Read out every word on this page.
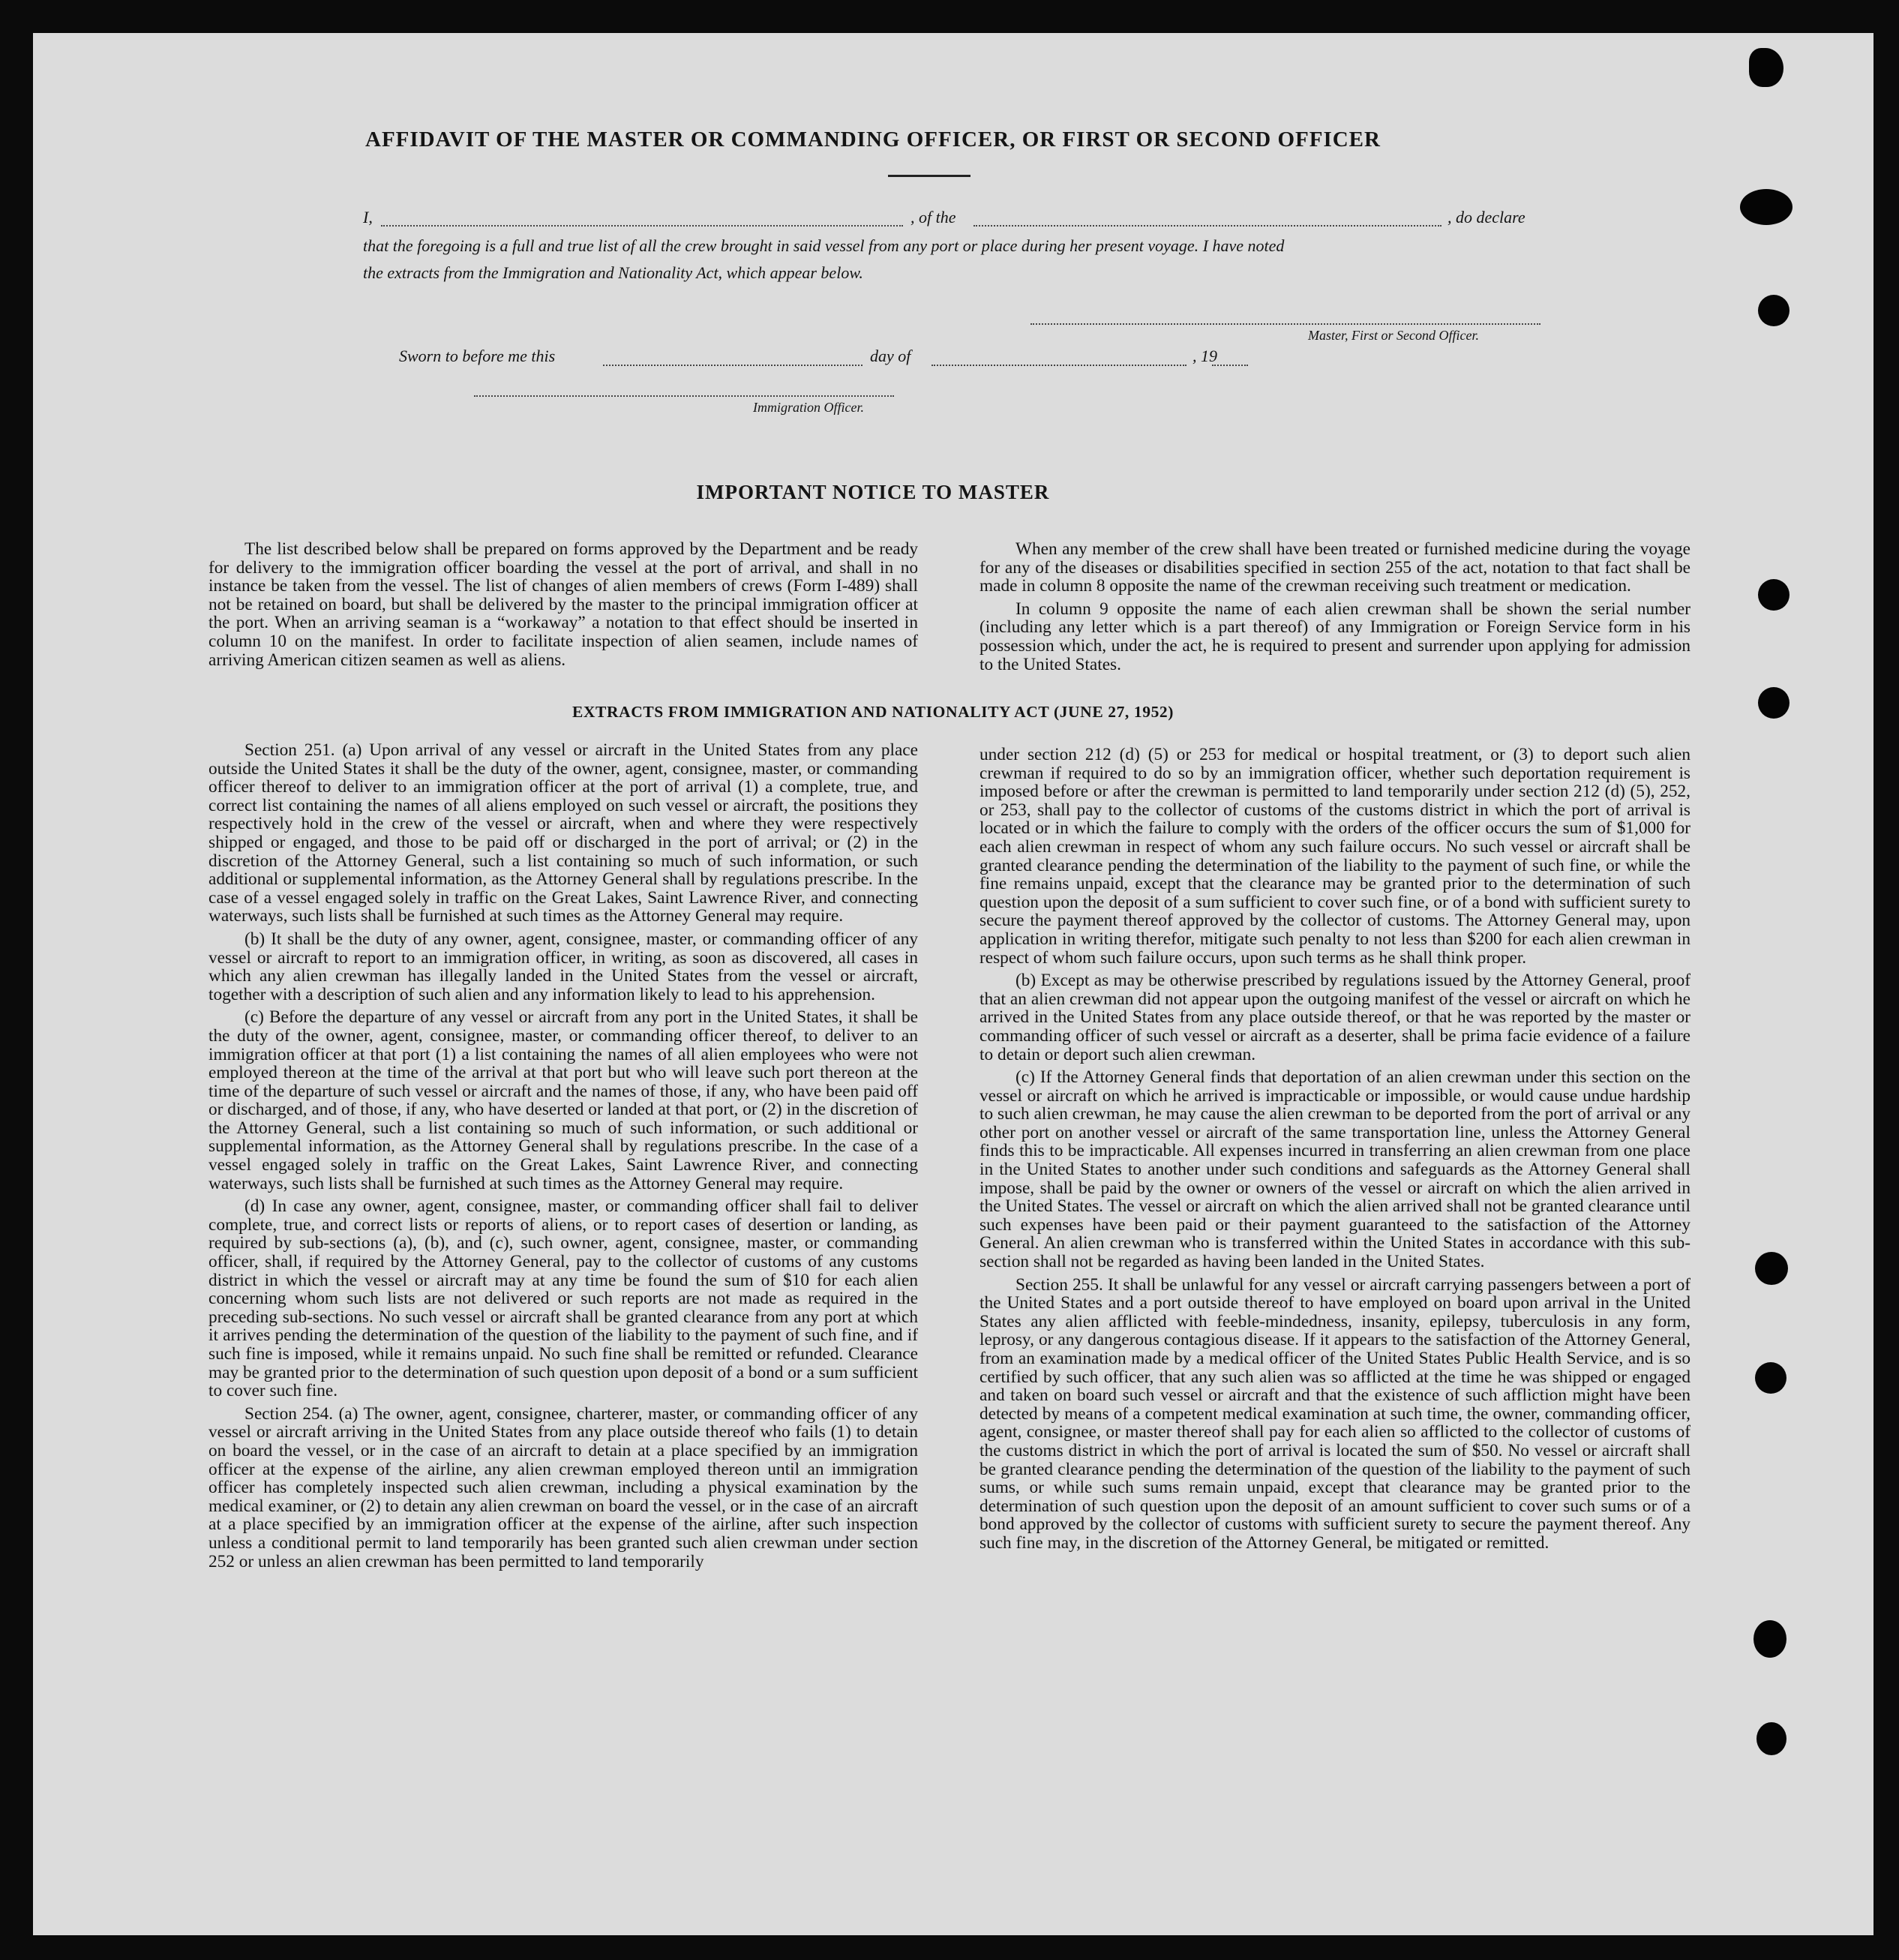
AFFIDAVIT OF THE MASTER OR COMMANDING OFFICER, OR FIRST OR SECOND OFFICER
I,	, of the	, do declare
that the foregoing is a full and true list of all the crew brought in said vessel from any port or place during her present voyage. I have noted
the extracts from the Immigration and Nationality Act, which appear below.
Master, First or Second Officer.
Sworn to before me this	day of	, 19
Immigration Officer.
IMPORTANT NOTICE TO MASTER

The list described below shall be prepared on forms approved by the Department and be ready for delivery to the immigration officer boarding the vessel at the port of arrival, and shall in no instance be taken from the vessel. The list of changes of alien members of crews (Form I-489) shall not be retained on board, but shall be delivered by the master to the principal immigration officer at the port. When an arriving seaman is a “workaway” a notation to that effect should be inserted in column 10 on the manifest. In order to facilitate inspection of alien seamen, include names of arriving American citizen seamen as well as aliens.

When any member of the crew shall have been treated or furnished medicine during the voyage for any of the diseases or disabilities specified in section 255 of the act, notation to that fact shall be made in column 8 opposite the name of the crewman receiving such treatment or medication.

In column 9 opposite the name of each alien crewman shall be shown the serial number (including any letter which is a part thereof) of any Immigration or Foreign Service form in his possession which, under the act, he is required to present and surrender upon applying for admission to the United States.

EXTRACTS FROM IMMIGRATION AND NATIONALITY ACT (JUNE 27, 1952)

Section 251. (a) Upon arrival of any vessel or aircraft in the United States from any place outside the United States it shall be the duty of the owner, agent, consignee, master, or commanding officer thereof to deliver to an immigration officer at the port of arrival (1) a complete, true, and correct list containing the names of all aliens employed on such vessel or aircraft, the positions they respectively hold in the crew of the vessel or aircraft, when and where they were respectively shipped or engaged, and those to be paid off or discharged in the port of arrival; or (2) in the discretion of the Attorney General, such a list containing so much of such information, or such additional or supplemental information, as the Attorney General shall by regulations prescribe. In the case of a vessel engaged solely in traffic on the Great Lakes, Saint Lawrence River, and connecting waterways, such lists shall be furnished at such times as the Attorney General may require.

(b) It shall be the duty of any owner, agent, consignee, master, or commanding officer of any vessel or aircraft to report to an immigration officer, in writing, as soon as discovered, all cases in which any alien crewman has illegally landed in the United States from the vessel or aircraft, together with a description of such alien and any information likely to lead to his apprehension.

(c) Before the departure of any vessel or aircraft from any port in the United States, it shall be the duty of the owner, agent, consignee, master, or commanding officer thereof, to deliver to an immigration officer at that port (1) a list containing the names of all alien employees who were not employed thereon at the time of the arrival at that port but who will leave such port thereon at the time of the departure of such vessel or aircraft and the names of those, if any, who have been paid off or discharged, and of those, if any, who have deserted or landed at that port, or (2) in the discretion of the Attorney General, such a list containing so much of such information, or such additional or supplemental information, as the Attorney General shall by regulations prescribe. In the case of a vessel engaged solely in traffic on the Great Lakes, Saint Lawrence River, and connecting waterways, such lists shall be furnished at such times as the Attorney General may require.

(d) In case any owner, agent, consignee, master, or commanding officer shall fail to deliver complete, true, and correct lists or reports of aliens, or to report cases of desertion or landing, as required by sub-sections (a), (b), and (c), such owner, agent, consignee, master, or commanding officer, shall, if required by the Attorney General, pay to the collector of customs of any customs district in which the vessel or aircraft may at any time be found the sum of $10 for each alien concerning whom such lists are not delivered or such reports are not made as required in the preceding sub-sections. No such vessel or aircraft shall be granted clearance from any port at which it arrives pending the determination of the question of the liability to the payment of such fine, and if such fine is imposed, while it remains unpaid. No such fine shall be remitted or refunded. Clearance may be granted prior to the determination of such question upon deposit of a bond or a sum sufficient to cover such fine.

Section 254. (a) The owner, agent, consignee, charterer, master, or commanding officer of any vessel or aircraft arriving in the United States from any place outside thereof who fails (1) to detain on board the vessel, or in the case of an aircraft to detain at a place specified by an immigration officer at the expense of the airline, any alien crewman employed thereon until an immigration officer has completely inspected such alien crewman, including a physical examination by the medical examiner, or (2) to detain any alien crewman on board the vessel, or in the case of an aircraft at a place specified by an immigration officer at the expense of the airline, after such inspection unless a conditional permit to land temporarily has been granted such alien crewman under section 252 or unless an alien crewman has been permitted to land temporarily

under section 212 (d) (5) or 253 for medical or hospital treatment, or (3) to deport such alien crewman if required to do so by an immigration officer, whether such deportation requirement is imposed before or after the crewman is permitted to land temporarily under section 212 (d) (5), 252, or 253, shall pay to the collector of customs of the customs district in which the port of arrival is located or in which the failure to comply with the orders of the officer occurs the sum of $1,000 for each alien crewman in respect of whom any such failure occurs. No such vessel or aircraft shall be granted clearance pending the determination of the liability to the payment of such fine, or while the fine remains unpaid, except that the clearance may be granted prior to the determination of such question upon the deposit of a sum sufficient to cover such fine, or of a bond with sufficient surety to secure the payment thereof approved by the collector of customs. The Attorney General may, upon application in writing therefor, mitigate such penalty to not less than $200 for each alien crewman in respect of whom such failure occurs, upon such terms as he shall think proper.

(b) Except as may be otherwise prescribed by regulations issued by the Attorney General, proof that an alien crewman did not appear upon the outgoing manifest of the vessel or aircraft on which he arrived in the United States from any place outside thereof, or that he was reported by the master or commanding officer of such vessel or aircraft as a deserter, shall be prima facie evidence of a failure to detain or deport such alien crewman.

(c) If the Attorney General finds that deportation of an alien crewman under this section on the vessel or aircraft on which he arrived is impracticable or impossible, or would cause undue hardship to such alien crewman, he may cause the alien crewman to be deported from the port of arrival or any other port on another vessel or aircraft of the same transportation line, unless the Attorney General finds this to be impracticable. All expenses incurred in transferring an alien crewman from one place in the United States to another under such conditions and safeguards as the Attorney General shall impose, shall be paid by the owner or owners of the vessel or aircraft on which the alien arrived in the United States. The vessel or aircraft on which the alien arrived shall not be granted clearance until such expenses have been paid or their payment guaranteed to the satisfaction of the Attorney General. An alien crewman who is transferred within the United States in accordance with this sub-section shall not be regarded as having been landed in the United States.

Section 255. It shall be unlawful for any vessel or aircraft carrying passengers between a port of the United States and a port outside thereof to have employed on board upon arrival in the United States any alien afflicted with feeble-mindedness, insanity, epilepsy, tuberculosis in any form, leprosy, or any dangerous contagious disease. If it appears to the satisfaction of the Attorney General, from an examination made by a medical officer of the United States Public Health Service, and is so certified by such officer, that any such alien was so afflicted at the time he was shipped or engaged and taken on board such vessel or aircraft and that the existence of such affliction might have been detected by means of a competent medical examination at such time, the owner, commanding officer, agent, consignee, or master thereof shall pay for each alien so afflicted to the collector of customs of the customs district in which the port of arrival is located the sum of $50. No vessel or aircraft shall be granted clearance pending the determination of the question of the liability to the payment of such sums, or while such sums remain unpaid, except that clearance may be granted prior to the determination of such question upon the deposit of an amount sufficient to cover such sums or of a bond approved by the collector of customs with sufficient surety to secure the payment thereof. Any such fine may, in the discretion of the Attorney General, be mitigated or remitted.
